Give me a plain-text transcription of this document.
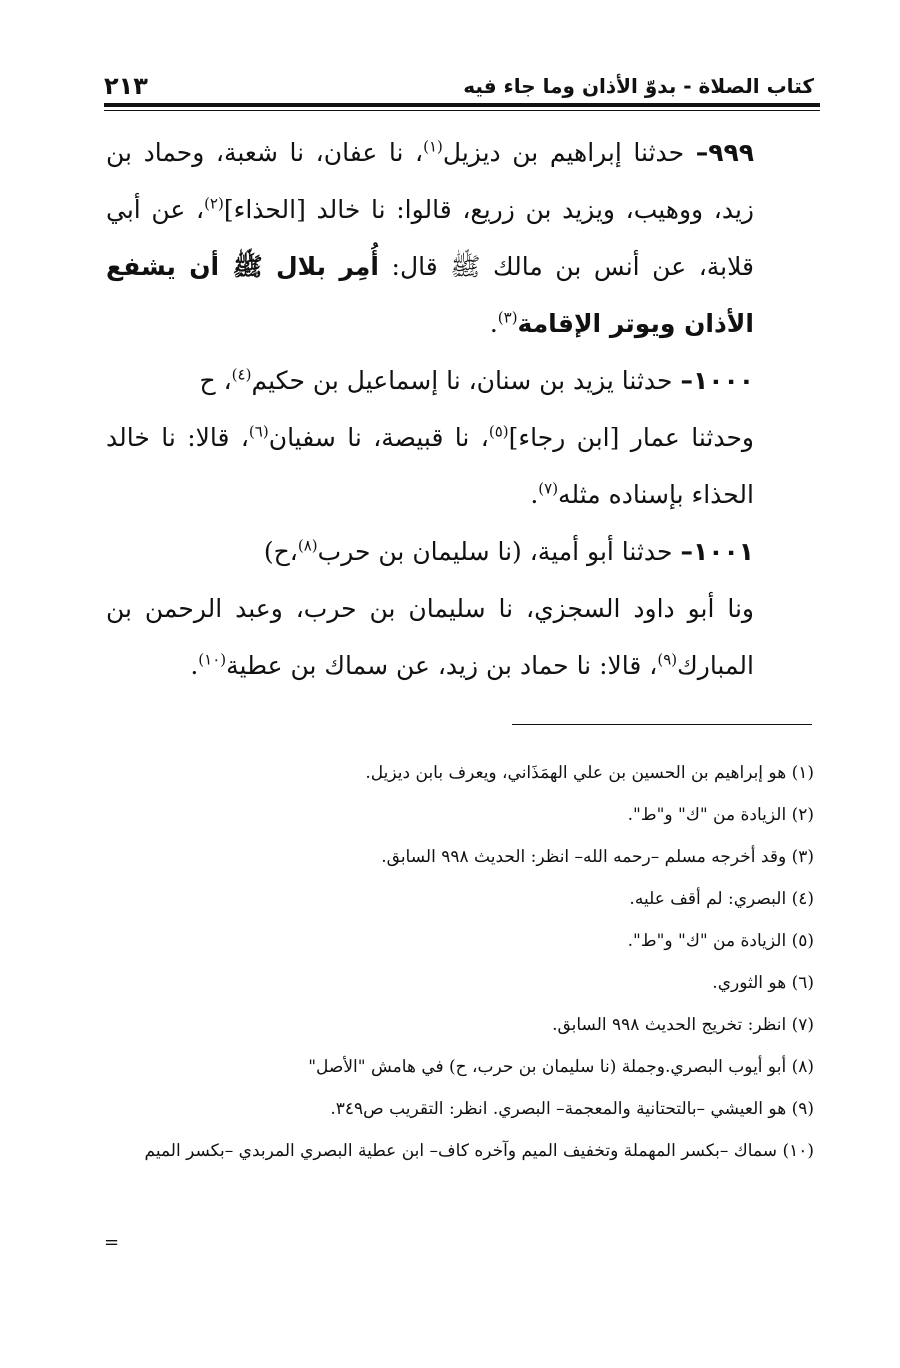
كتاب الصلاة - بدوّ الأذان وما جاء فيه
٢١٣

٩٩٩– حدثنا إبراهيم بن ديزيل$^{(١)}$، نا عفان، نا شعبة، وحماد بن زيد، ووهيب، ويزيد بن زريع، قالوا: نا خالد [الحذاء]$^{(٢)}$، عن أبي قلابة، عن أنس بن مالك ﷺ قال: أُمِر بلال ﷺ أن يشفع الأذان ويوتر الإقامة$^{(٣)}$.

١٠٠٠– حدثنا يزيد بن سنان، نا إسماعيل بن حكيم$^{(٤)}$، ح

وحدثنا عمار [ابن رجاء]$^{(٥)}$، نا قبيصة، نا سفيان$^{(٦)}$، قالا: نا خالد الحذاء بإسناده مثله$^{(٧)}$.

١٠٠١– حدثنا أبو أمية، (نا سليمان بن حرب$^{(٨)}$،ح)

ونا أبو داود السجزي، نا سليمان بن حرب، وعبد الرحمن بن المبارك$^{(٩)}$، قالا: نا حماد بن زيد، عن سماك بن عطية$^{(١٠)}$.

(١) هو إبراهيم بن الحسين بن علي الهمَذَاني، ويعرف بابن ديزيل.

(٢) الزيادة من "ك" و"ط".

(٣) وقد أخرجه مسلم –رحمه الله– انظر: الحديث ٩٩٨ السابق.

(٤) البصري: لم أقف عليه.

(٥) الزيادة من "ك" و"ط".

(٦) هو الثوري.

(٧) انظر: تخريج الحديث ٩٩٨ السابق.

(٨) أبو أيوب البصري.وجملة (نا سليمان بن حرب، ح) في هامش "الأصل"

(٩) هو العيشي –بالتحتانية والمعجمة– البصري. انظر: التقريب ص٣٤٩.

(١٠) سماك –بكسر المهملة وتخفيف الميم وآخره كاف– ابن عطية البصري المربدي –بكسر الميم

=
